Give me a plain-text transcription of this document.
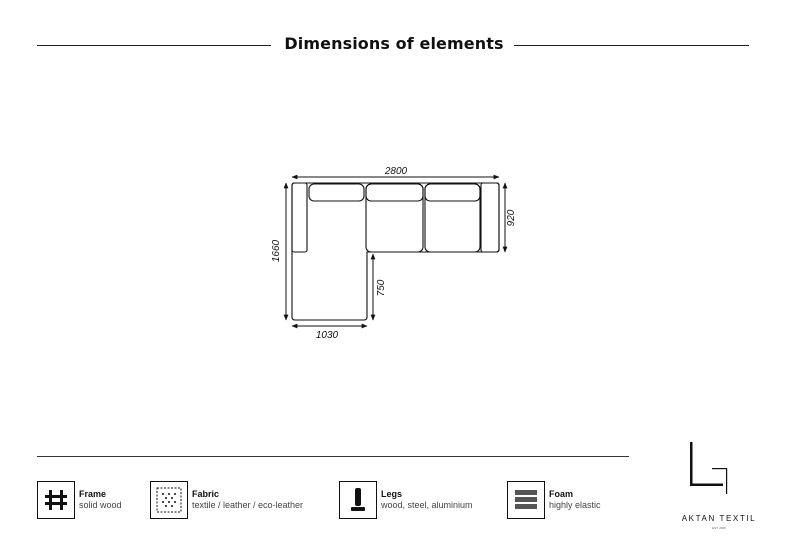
Dimensions of elements
2800
920
1660
750
1030
Frame
solid wood
Fabric
textile / leather / eco-leather
Legs
wood, steel, aluminium
Foam
highly elastic
AKTAN TEXTIL
EST. 2005
